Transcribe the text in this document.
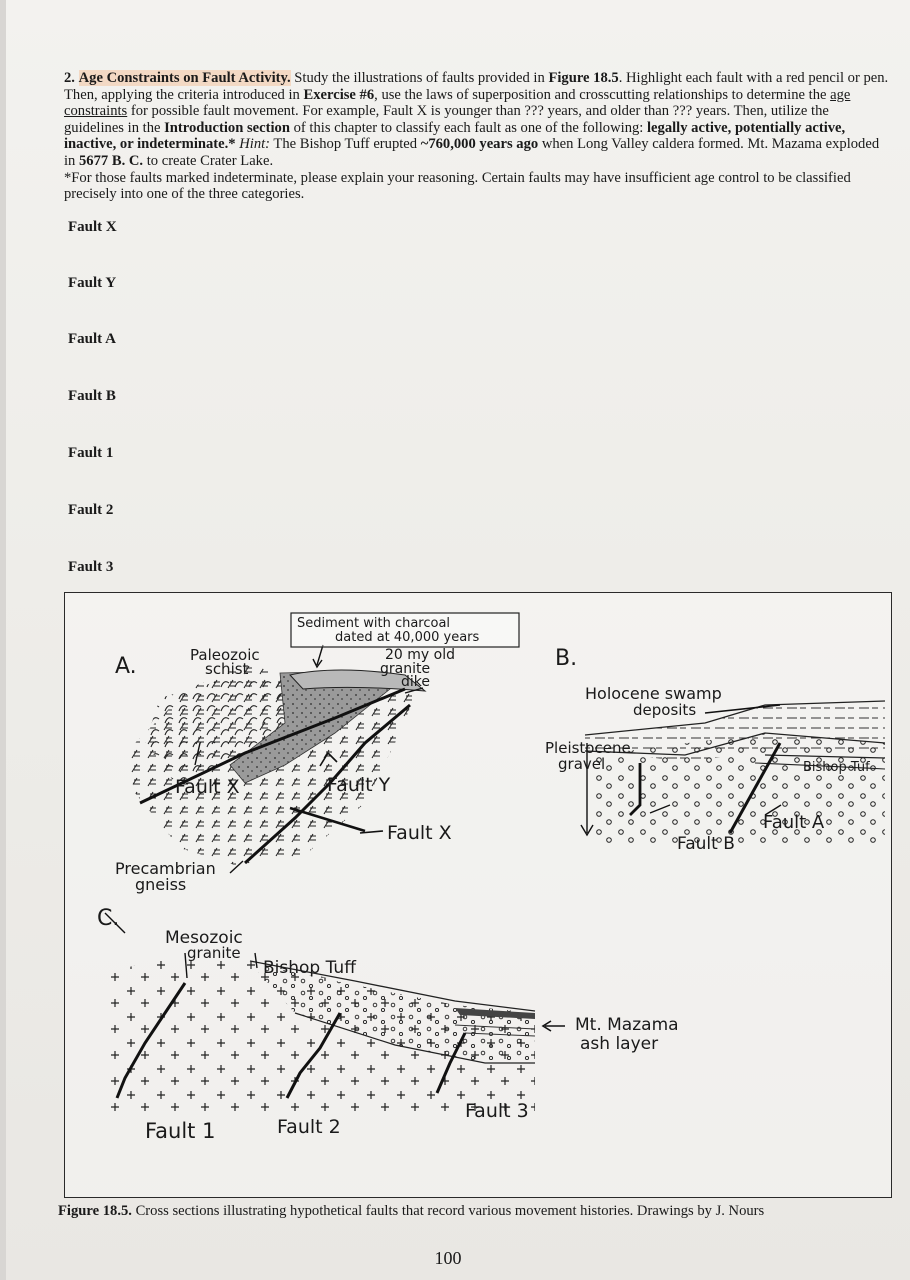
2. Age Constraints on Fault Activity. Study the illustrations of faults provided in Figure 18.5. Highlight each fault with a red pencil or pen. Then, applying the criteria introduced in Exercise #6, use the laws of superposition and crosscutting relationships to determine the age constraints for possible fault movement. For example, Fault X is younger than ??? years, and older than ??? years. Then, utilize the guidelines in the Introduction section of this chapter to classify each fault as one of the following: legally active, potentially active, inactive, or indeterminate.* Hint: The Bishop Tuff erupted ~760,000 years ago when Long Valley caldera formed. Mt. Mazama exploded in 5677 B. C. to create Crater Lake.

*For those faults marked indeterminate, please explain your reasoning. Certain faults may have insufficient age control to be classified precisely into one of the three categories.

Fault X
Fault Y
Fault A
Fault B
Fault 1
Fault 2
Fault 3
Sediment with charcoal
dated at 40,000 years
A.	Paleozoic
schist
20 my old
granite
dike
Fault X	Fault Y
Fault X
Precambrian
gneiss
B.
Holocene swamp
deposits
Pleistocene
gravel	Bishop Tuf
Fault A
Fault B
C.
Mesozoic
granite
Bishop Tuff
Mt. Mazama
ash layer
Fault 1	Fault 2
Fault 3
Figure 18.5. Cross sections illustrating hypothetical faults that record various movement histories. Drawings by J. Nours
100
